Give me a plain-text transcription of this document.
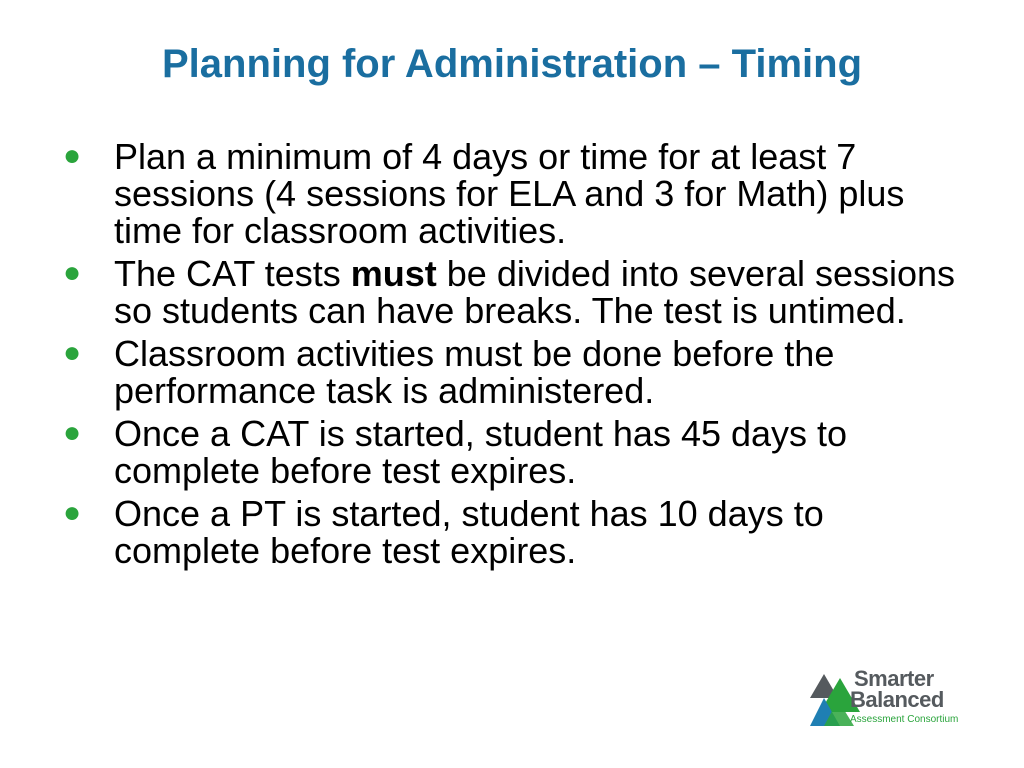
Planning for Administration – Timing
● Plan a minimum of 4 days or time for at least 7 sessions (4 sessions for ELA and 3 for Math) plus time for classroom activities.
● The CAT tests must be divided into several sessions so students can have breaks. The test is untimed.
● Classroom activities must be done before the performance task is administered.
● Once a CAT is started, student has 45 days to complete before test expires.
● Once a PT is started, student has 10 days to complete before test expires.
Smarter
Balanced
Assessment Consortium
